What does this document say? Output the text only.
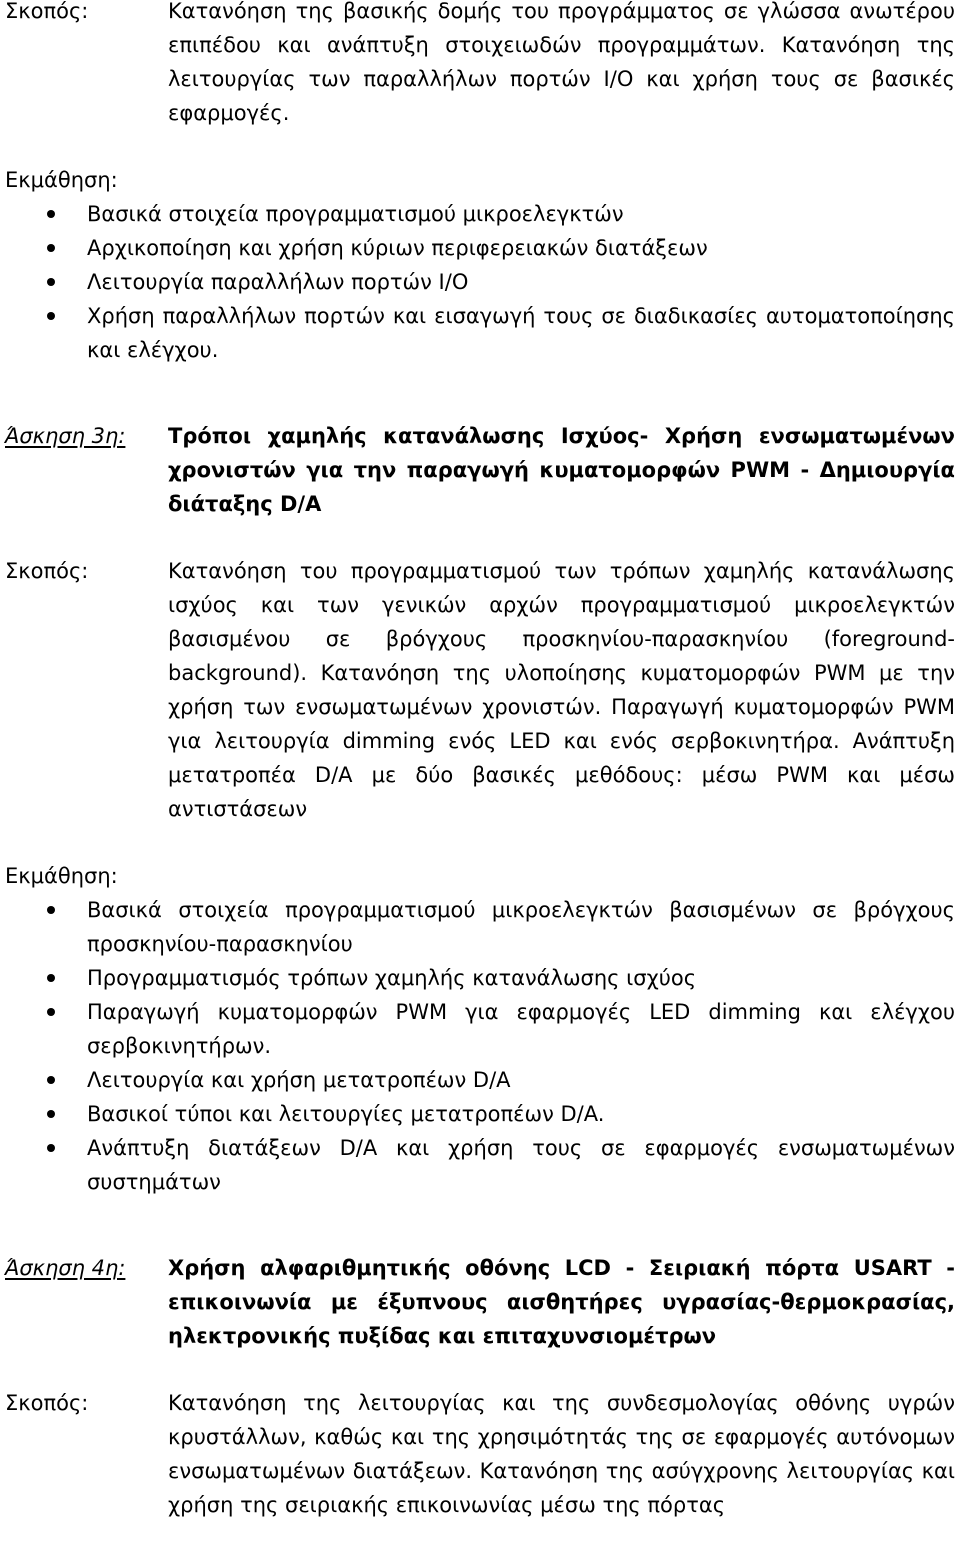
Σκοπός:	Κατανόηση της βασικής δομής του προγράμματος σε γλώσσα ανωτέρου επιπέδου και ανάπτυξη στοιχειωδών προγραμμάτων. Κατανόηση της λειτουργίας των παραλλήλων πορτών I/O και χρήση τους σε βασικές εφαρμογές.
Εκμάθηση:
Βασικά στοιχεία προγραμματισμού μικροελεγκτών
Αρχικοποίηση και χρήση κύριων περιφερειακών διατάξεων
Λειτουργία παραλλήλων πορτών I/O
Χρήση παραλλήλων πορτών και εισαγωγή τους σε διαδικασίες αυτοματοποίησης και ελέγχου.
Άσκηση 3η:	Τρόποι χαμηλής κατανάλωσης Ισχύος- Χρήση ενσωματωμένων χρονιστών για την παραγωγή κυματομορφών PWM - Δημιουργία διάταξης D/A
Σκοπός:	Κατανόηση του προγραμματισμού των τρόπων χαμηλής κατανάλωσης ισχύος και των γενικών αρχών προγραμματισμού μικροελεγκτών βασισμένου σε βρόγχους προσκηνίου-παρασκηνίου (foreground-background). Κατανόηση της υλοποίησης κυματομορφών PWM με την χρήση των ενσωματωμένων χρονιστών. Παραγωγή κυματομορφών PWM για λειτουργία dimming ενός LED και ενός σερβοκινητήρα. Ανάπτυξη μετατροπέα D/A με δύο βασικές μεθόδους: μέσω PWM και μέσω αντιστάσεων
Εκμάθηση:
Βασικά στοιχεία προγραμματισμού μικροελεγκτών βασισμένων σε βρόγχους προσκηνίου-παρασκηνίου
Προγραμματισμός τρόπων χαμηλής κατανάλωσης ισχύος
Παραγωγή κυματομορφών PWM για εφαρμογές LED dimming και ελέγχου σερβοκινητήρων.
Λειτουργία και χρήση μετατροπέων D/A
Βασικοί τύποι και λειτουργίες μετατροπέων D/A.
Ανάπτυξη διατάξεων D/A και χρήση τους σε εφαρμογές ενσωματωμένων συστημάτων
Άσκηση 4η:	Χρήση αλφαριθμητικής οθόνης LCD - Σειριακή πόρτα USART - επικοινωνία με έξυπνους αισθητήρες υγρασίας-θερμοκρασίας, ηλεκτρονικής πυξίδας και επιταχυνσιομέτρων
Σκοπός:	Κατανόηση της λειτουργίας και της συνδεσμολογίας οθόνης υγρών κρυστάλλων, καθώς και της χρησιμότητάς της σε εφαρμογές αυτόνομων ενσωματωμένων διατάξεων. Κατανόηση της ασύγχρονης λειτουργίας και χρήση της σειριακής επικοινωνίας μέσω της πόρτας
